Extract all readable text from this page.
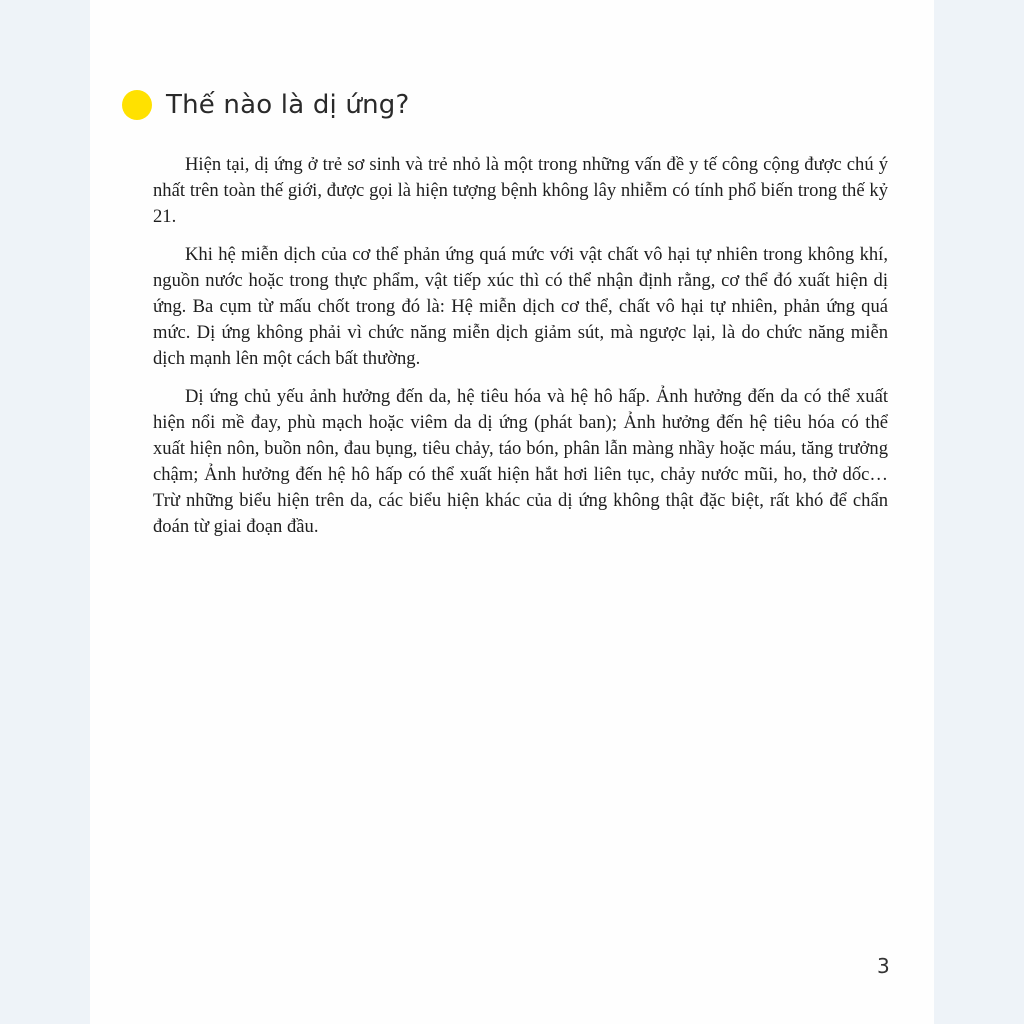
Thế nào là dị ứng?

Hiện tại, dị ứng ở trẻ sơ sinh và trẻ nhỏ là một trong những vấn đề y tế công cộng được chú ý nhất trên toàn thế giới, được gọi là hiện tượng bệnh không lây nhiễm có tính phổ biến trong thế kỷ 21.

Khi hệ miễn dịch của cơ thể phản ứng quá mức với vật chất vô hại tự nhiên trong không khí, nguồn nước hoặc trong thực phẩm, vật tiếp xúc thì có thể nhận định rằng, cơ thể đó xuất hiện dị ứng. Ba cụm từ mấu chốt trong đó là: Hệ miễn dịch cơ thể, chất vô hại tự nhiên, phản ứng quá mức. Dị ứng không phải vì chức năng miễn dịch giảm sút, mà ngược lại, là do chức năng miễn dịch mạnh lên một cách bất thường.

Dị ứng chủ yếu ảnh hưởng đến da, hệ tiêu hóa và hệ hô hấp. Ảnh hưởng đến da có thể xuất hiện nổi mề đay, phù mạch hoặc viêm da dị ứng (phát ban); Ảnh hưởng đến hệ tiêu hóa có thể xuất hiện nôn, buồn nôn, đau bụng, tiêu chảy, táo bón, phân lẫn màng nhầy hoặc máu, tăng trưởng chậm; Ảnh hưởng đến hệ hô hấp có thể xuất hiện hắt hơi liên tục, chảy nước mũi, ho, thở dốc… Trừ những biểu hiện trên da, các biểu hiện khác của dị ứng không thật đặc biệt, rất khó để chẩn đoán từ giai đoạn đầu.

3
